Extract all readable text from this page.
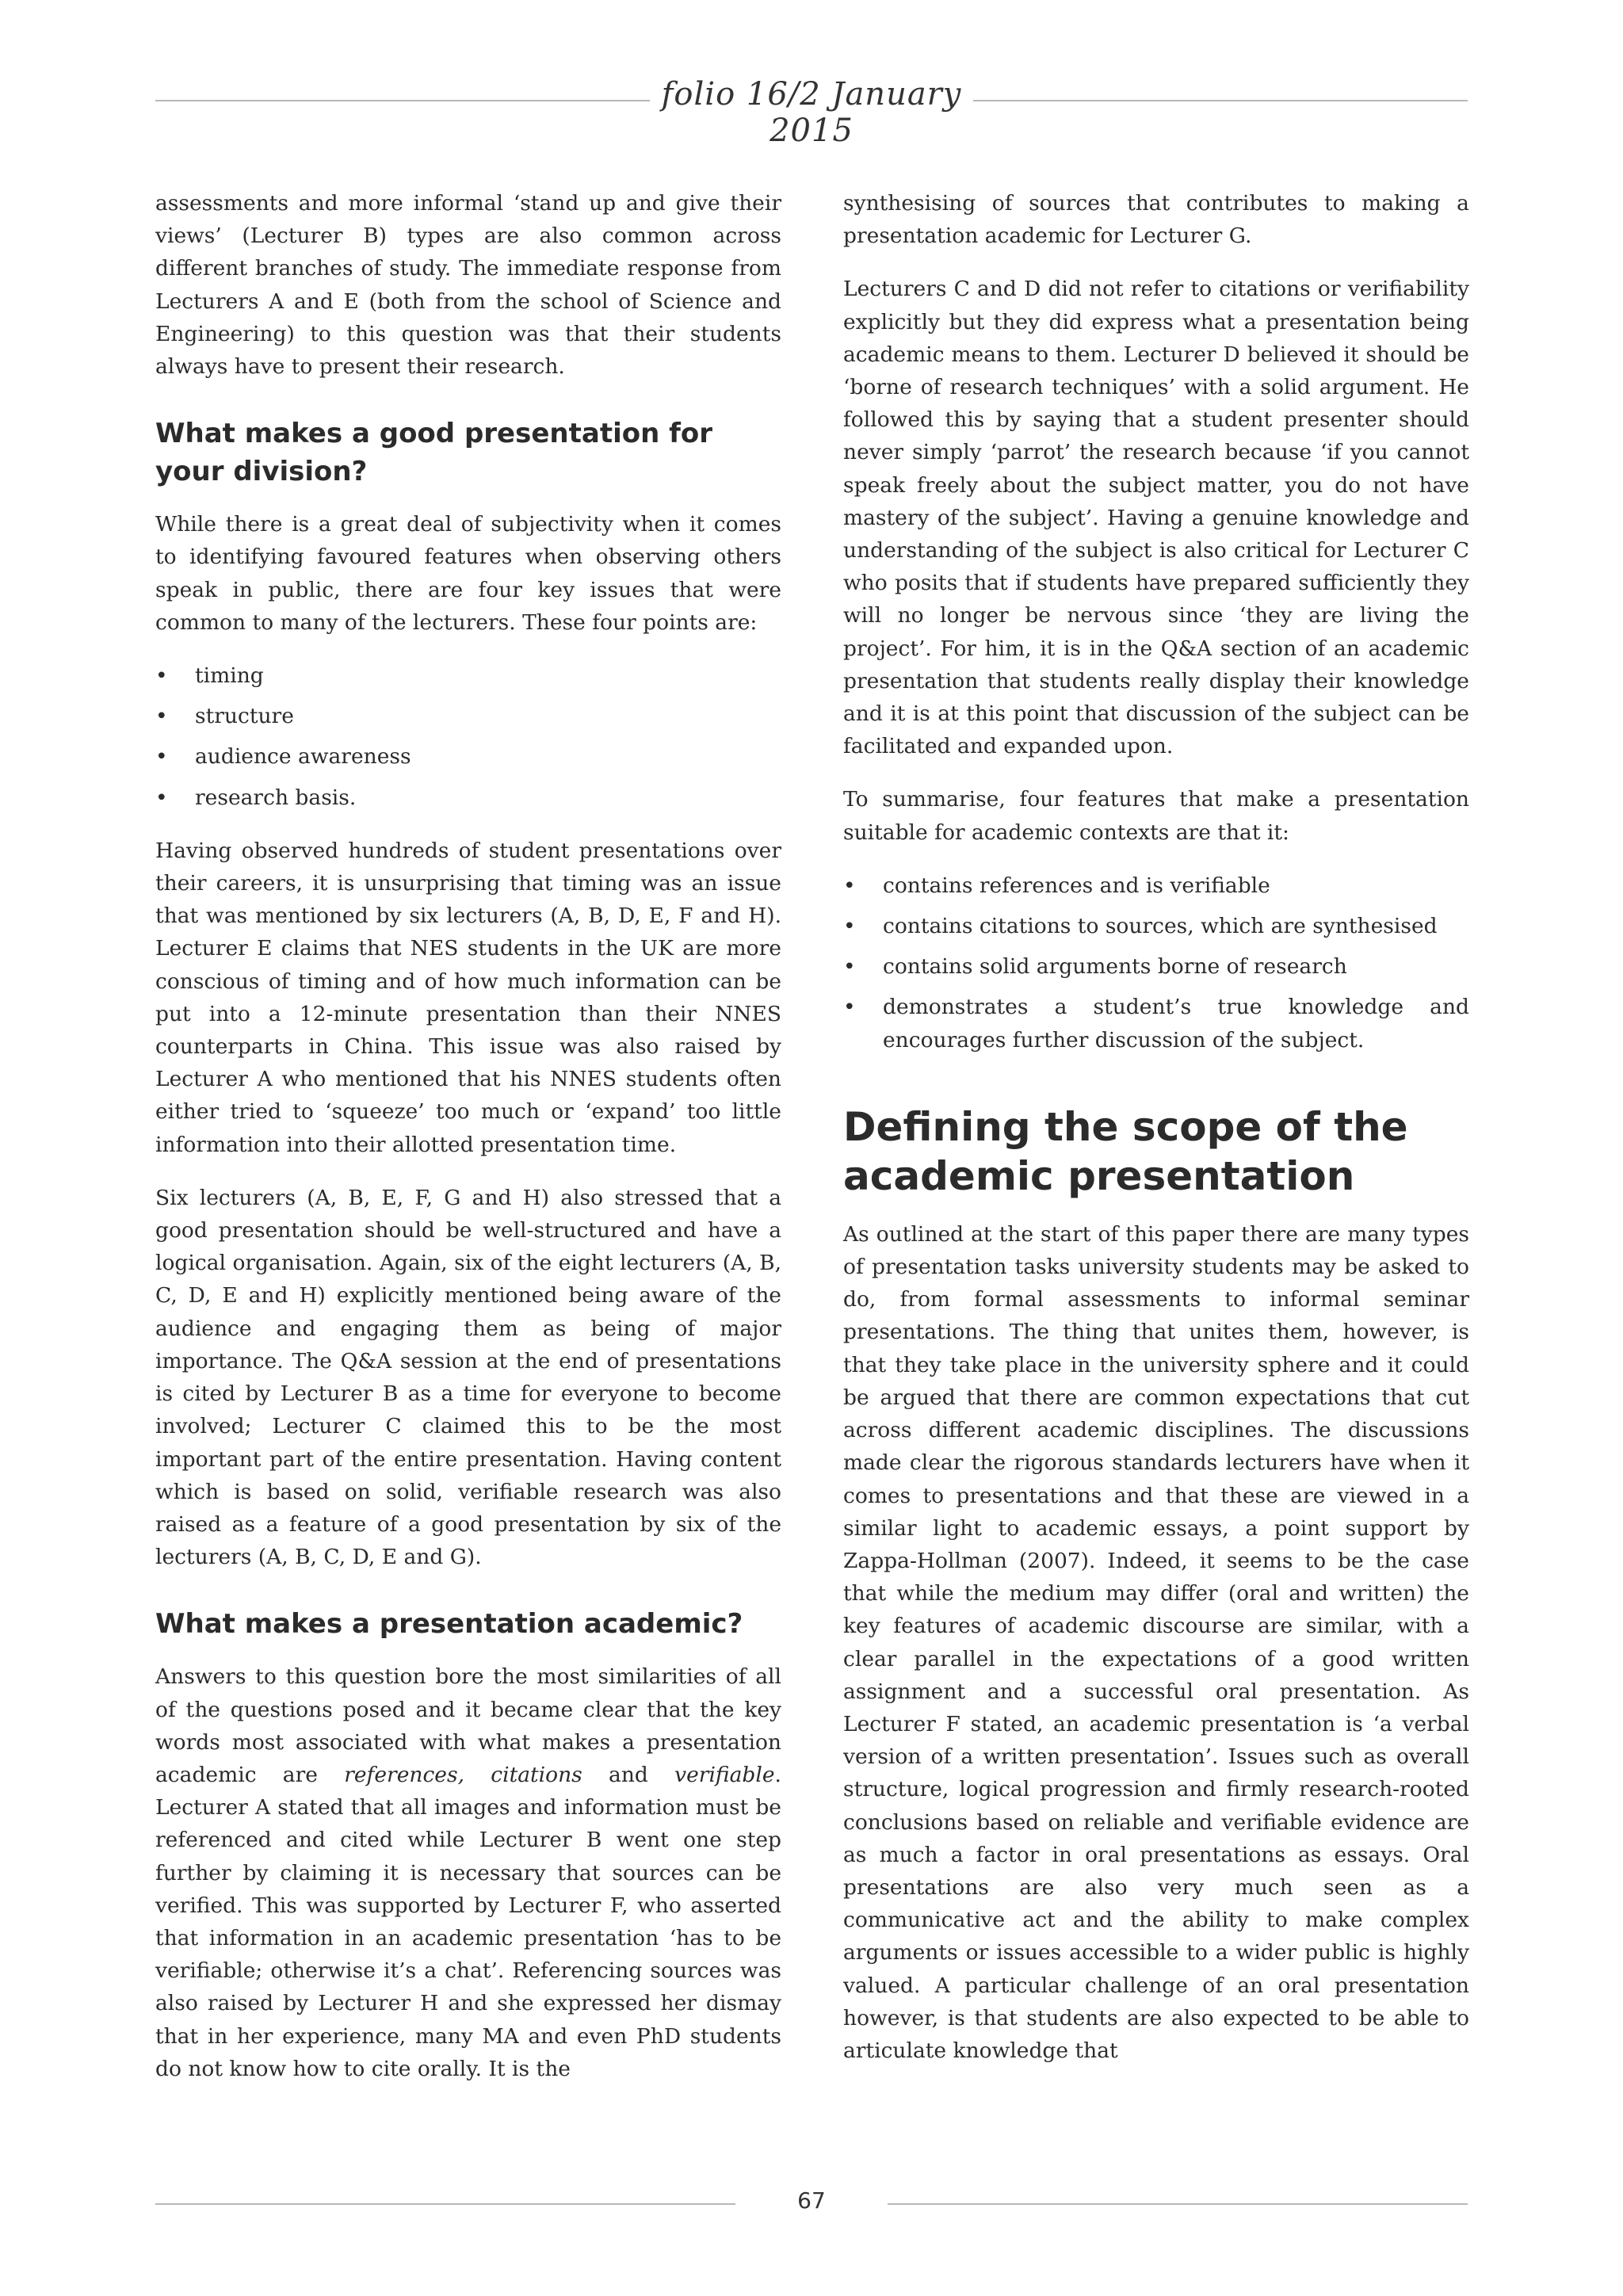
folio 16/2 January 2015

assessments and more informal ‘stand up and give their views’ (Lecturer B) types are also common across different branches of study. The immediate response from Lecturers A and E (both from the school of Science and Engineering) to this question was that their students always have to present their research.

What makes a good presentation for your division?

While there is a great deal of subjectivity when it comes to identifying favoured features when observing others speak in public, there are four key issues that were common to many of the lecturers. These four points are:

•	timing
•	structure
•	audience awareness
•	research basis.

Having observed hundreds of student presentations over their careers, it is unsurprising that timing was an issue that was mentioned by six lecturers (A, B, D, E, F and H). Lecturer E claims that NES students in the UK are more conscious of timing and of how much information can be put into a 12-minute presentation than their NNES counterparts in China. This issue was also raised by Lecturer A who mentioned that his NNES students often either tried to ‘squeeze’ too much or ‘expand’ too little information into their allotted presentation time.

Six lecturers (A, B, E, F, G and H) also stressed that a good presentation should be well-structured and have a logical organisation. Again, six of the eight lecturers (A, B, C, D, E and H) explicitly mentioned being aware of the audience and engaging them as being of major importance. The Q&A session at the end of presentations is cited by Lecturer B as a time for everyone to become involved; Lecturer C claimed this to be the most important part of the entire presentation. Having content which is based on solid, verifiable research was also raised as a feature of a good presentation by six of the lecturers (A, B, C, D, E and G).

What makes a presentation academic?

Answers to this question bore the most similarities of all of the questions posed and it became clear that the key words most associated with what makes a presentation academic are references, citations and verifiable. Lecturer A stated that all images and information must be referenced and cited while Lecturer B went one step further by claiming it is necessary that sources can be verified. This was supported by Lecturer F, who asserted that information in an academic presentation ‘has to be verifiable; otherwise it’s a chat’. Referencing sources was also raised by Lecturer H and she expressed her dismay that in her experience, many MA and even PhD students do not know how to cite orally. It is the

synthesising of sources that contributes to making a presentation academic for Lecturer G.

Lecturers C and D did not refer to citations or verifiability explicitly but they did express what a presentation being academic means to them. Lecturer D believed it should be ‘borne of research techniques’ with a solid argument. He followed this by saying that a student presenter should never simply ‘parrot’ the research because ‘if you cannot speak freely about the subject matter, you do not have mastery of the subject’. Having a genuine knowledge and understanding of the subject is also critical for Lecturer C who posits that if students have prepared sufficiently they will no longer be nervous since ‘they are living the project’. For him, it is in the Q&A section of an academic presentation that students really display their knowledge and it is at this point that discussion of the subject can be facilitated and expanded upon.

To summarise, four features that make a presentation suitable for academic contexts are that it:

•	contains references and is verifiable
•	contains citations to sources, which are synthesised
•	contains solid arguments borne of research
•	demonstrates a student’s true knowledge and encourages further discussion of the subject.
Defining the scope of the academic presentation

As outlined at the start of this paper there are many types of presentation tasks university students may be asked to do, from formal assessments to informal seminar presentations. The thing that unites them, however, is that they take place in the university sphere and it could be argued that there are common expectations that cut across different academic disciplines. The discussions made clear the rigorous standards lecturers have when it comes to presentations and that these are viewed in a similar light to academic essays, a point support by Zappa-Hollman (2007). Indeed, it seems to be the case that while the medium may differ (oral and written) the key features of academic discourse are similar, with a clear parallel in the expectations of a good written assignment and a successful oral presentation. As Lecturer F stated, an academic presentation is ‘a verbal version of a written presentation’. Issues such as overall structure, logical progression and firmly research-rooted conclusions based on reliable and verifiable evidence are as much a factor in oral presentations as essays. Oral presentations are also very much seen as a communicative act and the ability to make complex arguments or issues accessible to a wider public is highly valued. A particular challenge of an oral presentation however, is that students are also expected to be able to articulate knowledge that

67
